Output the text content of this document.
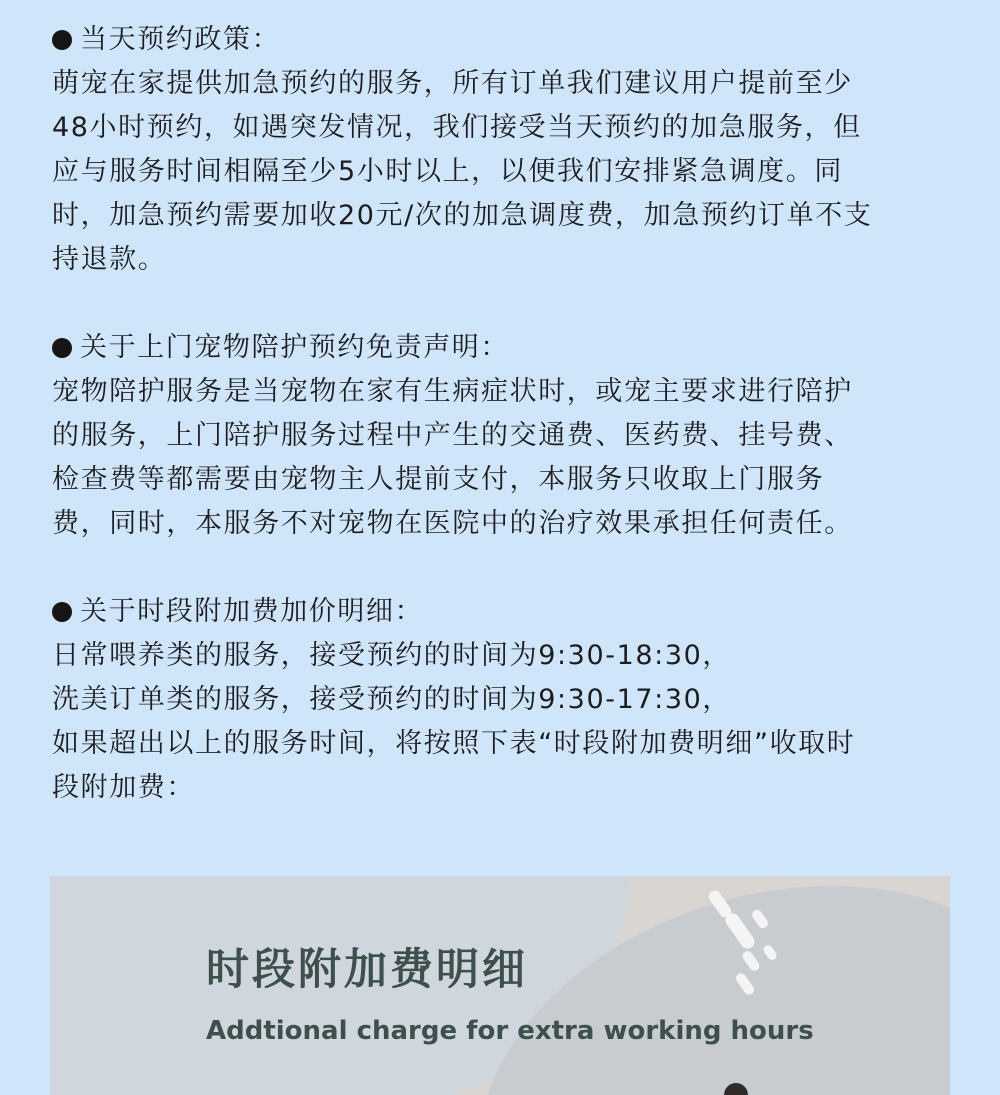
当天预约政策：
萌宠在家提供加急预约的服务，所有订单我们建议用户提前至少
48小时预约，如遇突发情况，我们接受当天预约的加急服务，但
应与服务时间相隔至少5小时以上，以便我们安排紧急调度。同
时，加急预约需要加收20元/次的加急调度费，加急预约订单不支
持退款。
关于上门宠物陪护预约免责声明：
宠物陪护服务是当宠物在家有生病症状时，或宠主要求进行陪护
的服务，上门陪护服务过程中产生的交通费、医药费、挂号费、
检查费等都需要由宠物主人提前支付，本服务只收取上门服务
费，同时，本服务不对宠物在医院中的治疗效果承担任何责任。
关于时段附加费加价明细：
日常喂养类的服务，接受预约的时间为9:30-18:30，
洗美订单类的服务，接受预约的时间为9:30-17:30，
如果超出以上的服务时间，将按照下表“时段附加费明细”收取时
段附加费：
时段附加费明细
Addtional charge for extra working hours
